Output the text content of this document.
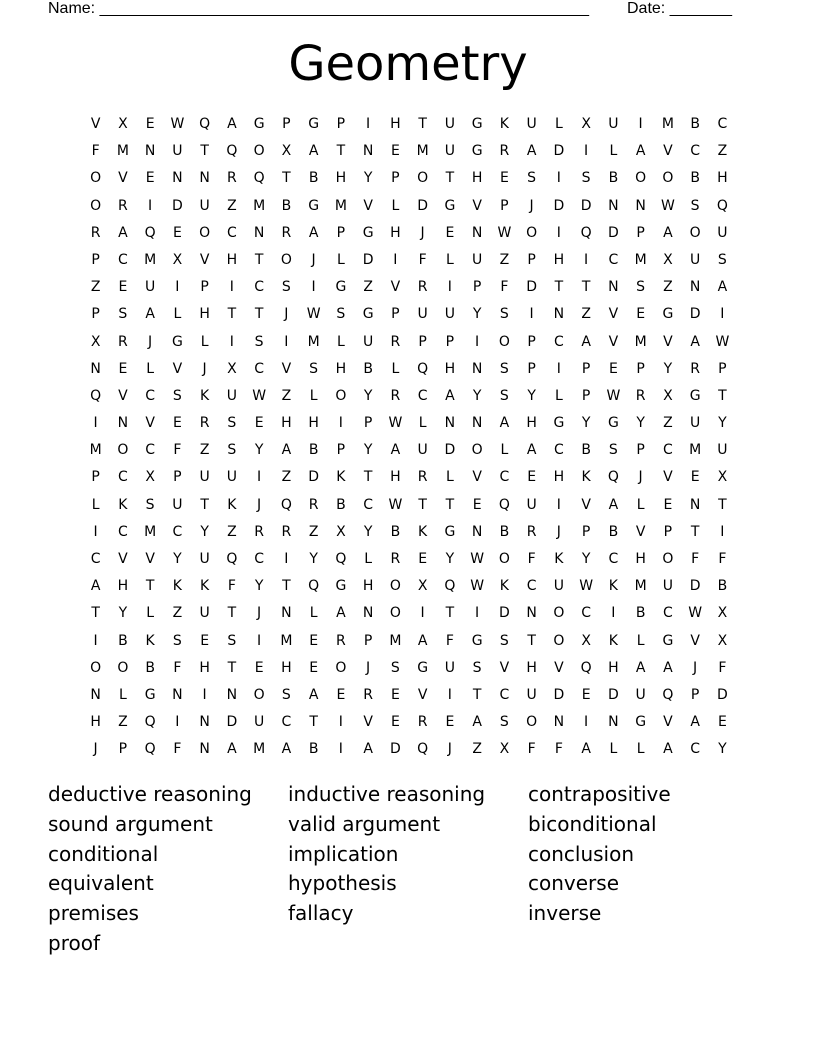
Name: _______________________________________________________ Date: _______
Geometry
V	X	E	W	Q	A	G	P	G	P	I	H	T	U	G	K	U	L	X	U	I	M	B	C
F	M	N	U	T	Q	O	X	A	T	N	E	M	U	G	R	A	D	I	L	A	V	C	Z
O	V	E	N	N	R	Q	T	B	H	Y	P	O	T	H	E	S	I	S	B	O	O	B	H
O	R	I	D	U	Z	M	B	G	M	V	L	D	G	V	P	J	D	D	N	N	W	S	Q
R	A	Q	E	O	C	N	R	A	P	G	H	J	E	N	W	O	I	Q	D	P	A	O	U
P	C	M	X	V	H	T	O	J	L	D	I	F	L	U	Z	P	H	I	C	M	X	U	S
Z	E	U	I	P	I	C	S	I	G	Z	V	R	I	P	F	D	T	T	N	S	Z	N	A
P	S	A	L	H	T	T	J	W	S	G	P	U	U	Y	S	I	N	Z	V	E	G	D	I
X	R	J	G	L	I	S	I	M	L	U	R	P	P	I	O	P	C	A	V	M	V	A	W
N	E	L	V	J	X	C	V	S	H	B	L	Q	H	N	S	P	I	P	E	P	Y	R	P
Q	V	C	S	K	U	W	Z	L	O	Y	R	C	A	Y	S	Y	L	P	W	R	X	G	T
I	N	V	E	R	S	E	H	H	I	P	W	L	N	N	A	H	G	Y	G	Y	Z	U	Y
M	O	C	F	Z	S	Y	A	B	P	Y	A	U	D	O	L	A	C	B	S	P	C	M	U
P	C	X	P	U	U	I	Z	D	K	T	H	R	L	V	C	E	H	K	Q	J	V	E	X
L	K	S	U	T	K	J	Q	R	B	C	W	T	T	E	Q	U	I	V	A	L	E	N	T
I	C	M	C	Y	Z	R	R	Z	X	Y	B	K	G	N	B	R	J	P	B	V	P	T	I
C	V	V	Y	U	Q	C	I	Y	Q	L	R	E	Y	W	O	F	K	Y	C	H	O	F	F
A	H	T	K	K	F	Y	T	Q	G	H	O	X	Q	W	K	C	U	W	K	M	U	D	B
T	Y	L	Z	U	T	J	N	L	A	N	O	I	T	I	D	N	O	C	I	B	C	W	X
I	B	K	S	E	S	I	M	E	R	P	M	A	F	G	S	T	O	X	K	L	G	V	X
O	O	B	F	H	T	E	H	E	O	J	S	G	U	S	V	H	V	Q	H	A	A	J	F
N	L	G	N	I	N	O	S	A	E	R	E	V	I	T	C	U	D	E	D	U	Q	P	D
H	Z	Q	I	N	D	U	C	T	I	V	E	R	E	A	S	O	N	I	N	G	V	A	E
J	P	Q	F	N	A	M	A	B	I	A	D	Q	J	Z	X	F	F	A	L	L	A	C	Y
deductive reasoning
sound argument
conditional
equivalent
premises
proof
inductive reasoning
valid argument
implication
hypothesis
fallacy
contrapositive
biconditional
conclusion
converse
inverse
